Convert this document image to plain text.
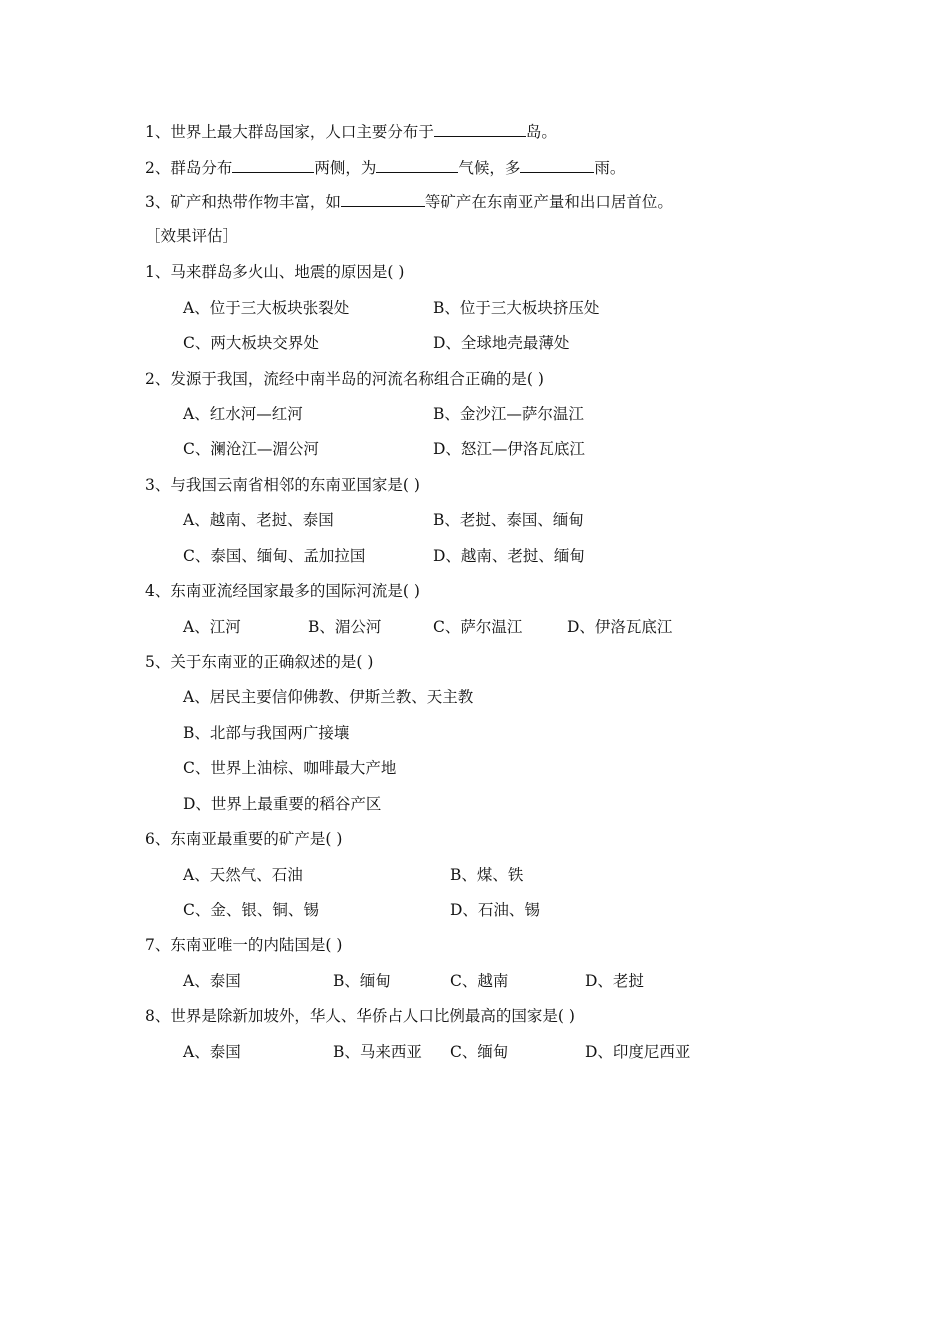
1、世界上最大群岛国家，人口主要分布于	岛。
2、群岛分布	两侧，为	气候，多	雨。
3、矿产和热带作物丰富，如	等矿产在东南亚产量和出口居首位。
［效果评估］
1、马来群岛多火山、地震的原因是( )
A、位于三大板块张裂处	B、位于三大板块挤压处
C、两大板块交界处	D、全球地壳最薄处
2、发源于我国，流经中南半岛的河流名称组合正确的是( )
A、红水河—红河	B、金沙江—萨尔温江
C、澜沧江—湄公河	D、怒江—伊洛瓦底江
3、与我国云南省相邻的东南亚国家是( )
A、越南、老挝、泰国	B、老挝、泰国、缅甸
C、泰国、缅甸、孟加拉国	D、越南、老挝、缅甸
4、东南亚流经国家最多的国际河流是( )
A、江河	B、湄公河	C、萨尔温江	D、伊洛瓦底江
5、关于东南亚的正确叙述的是( )
A、居民主要信仰佛教、伊斯兰教、天主教
B、北部与我国两广接壤
C、世界上油棕、咖啡最大产地
D、世界上最重要的稻谷产区
6、东南亚最重要的矿产是( )
A、天然气、石油	B、煤、铁
C、金、银、铜、锡	D、石油、锡
7、东南亚唯一的内陆国是( )
A、泰国	B、缅甸	C、越南	D、老挝
8、世界是除新加坡外，华人、华侨占人口比例最高的国家是( )
A、泰国	B、马来西亚 C、缅甸	D、印度尼西亚
